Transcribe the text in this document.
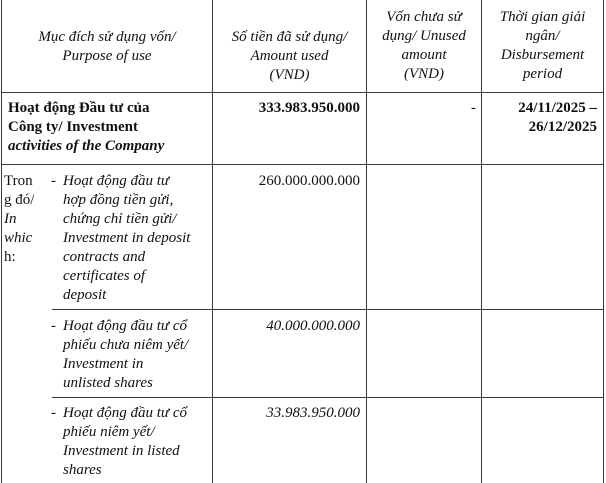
Mục đích sử dụng vốn/
Purpose of use
Số tiền đã sử dụng/
Amount used
(VND)
Vốn chưa sử
dụng/ Unused
amount
(VND)
Thời gian giải
ngân/
Disbursement
period
Hoạt động Đầu tư của
Công ty/ Investment
activities of the Company
333.983.950.000	-	24/11/2025 –
26/12/2025
Tron
g đó/
In
whic
h:
- Hoạt động đầu tư
hợp đồng tiền gửi,
chứng chỉ tiền gửi/
Investment in deposit
contracts and
certificates of
deposit
260.000.000.000
- Hoạt động đầu tư cổ
phiếu chưa niêm yết/
Investment in
unlisted shares
40.000.000.000
- Hoạt động đầu tư cổ
phiếu niêm yết/
Investment in listed
shares
33.983.950.000
